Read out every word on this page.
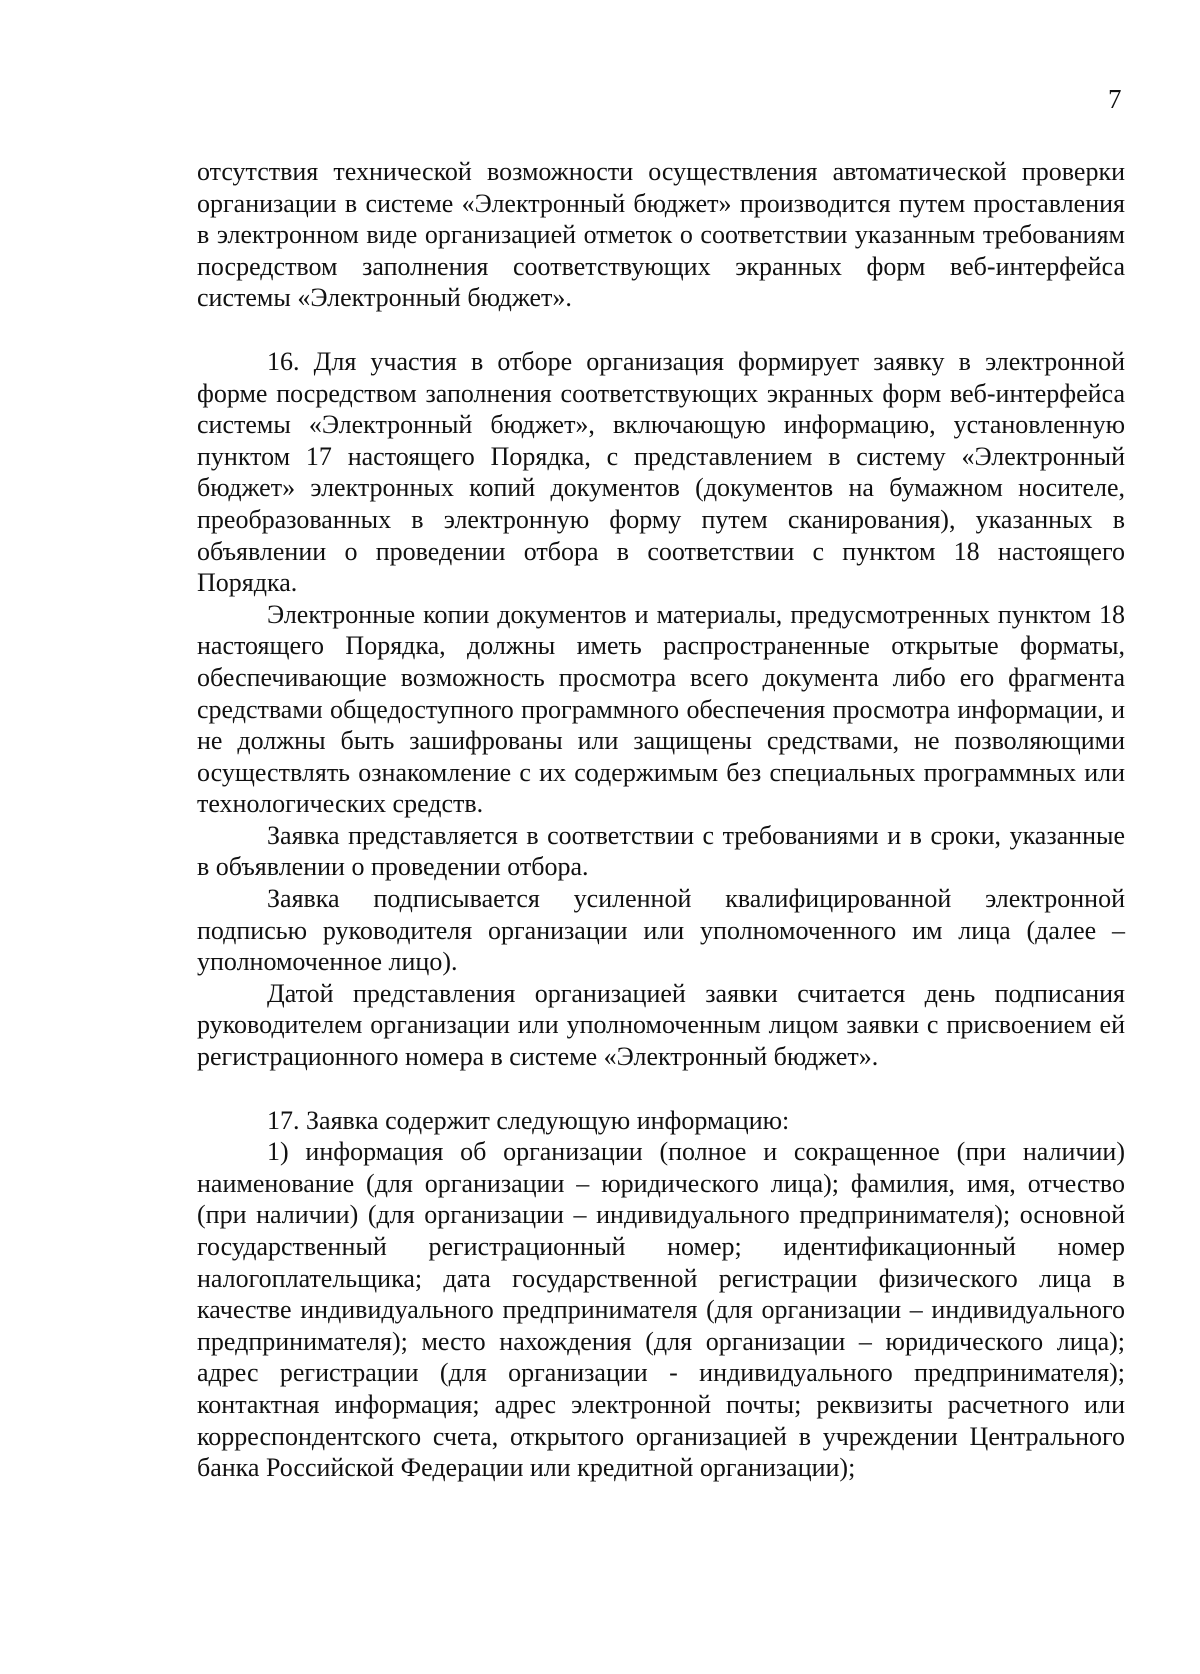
7

отсутствия технической возможности осуществления автоматической проверки организации в системе «Электронный бюджет» производится путем проставления в электронном виде организацией отметок о соответствии указанным требованиям посредством заполнения соответствующих экранных форм веб-интерфейса системы «Электронный бюджет».

16. Для участия в отборе организация формирует заявку в электронной форме посредством заполнения соответствующих экранных форм веб-интерфейса системы «Электронный бюджет», включающую информацию, установленную пунктом 17 настоящего Порядка, с представлением в систему «Электронный бюджет» электронных копий документов (документов на бумажном носителе, преобразованных в электронную форму путем сканирования), указанных в объявлении о проведении отбора в соответствии с пунктом 18 настоящего Порядка.

Электронные копии документов и материалы, предусмотренных пунктом 18 настоящего Порядка, должны иметь распространенные открытые форматы, обеспечивающие возможность просмотра всего документа либо его фрагмента средствами общедоступного программного обеспечения просмотра информации, и не должны быть зашифрованы или защищены средствами, не позволяющими осуществлять ознакомление с их содержимым без специальных программных или технологических средств.

Заявка представляется в соответствии с требованиями и в сроки, указанные в объявлении о проведении отбора.

Заявка подписывается усиленной квалифицированной электронной подписью руководителя организации или уполномоченного им лица (далее – уполномоченное лицо).

Датой представления организацией заявки считается день подписания руководителем организации или уполномоченным лицом заявки с присвоением ей регистрационного номера в системе «Электронный бюджет».

17. Заявка содержит следующую информацию:

1) информация об организации (полное и сокращенное (при наличии) наименование (для организации – юридического лица); фамилия, имя, отчество (при наличии) (для организации – индивидуального предпринимателя); основной государственный регистрационный номер; идентификационный номер налогоплательщика; дата государственной регистрации физического лица в качестве индивидуального предпринимателя (для организации – индивидуального предпринимателя); место нахождения (для организации – юридического лица); адрес регистрации (для организации - индивидуального предпринимателя); контактная информация; адрес электронной почты; реквизиты расчетного или корреспондентского счета, открытого организацией в учреждении Центрального банка Российской Федерации или кредитной организации);
